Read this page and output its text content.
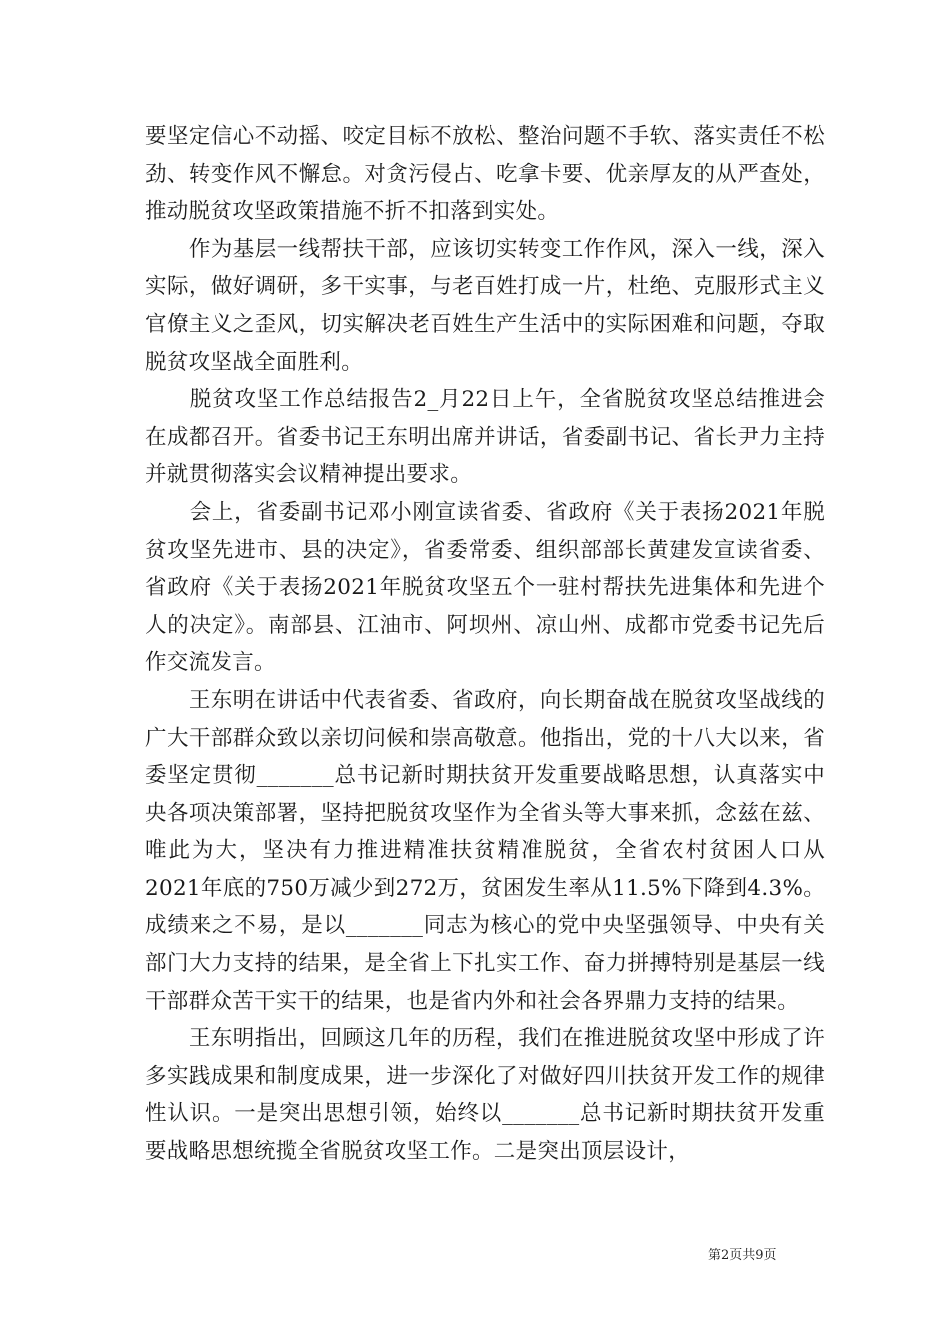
要坚定信心不动摇、咬定目标不放松、整治问题不手软、落实责任不松劲、转变作风不懈怠。对贪污侵占、吃拿卡要、优亲厚友的从严查处，推动脱贫攻坚政策措施不折不扣落到实处。

　　作为基层一线帮扶干部，应该切实转变工作作风，深入一线，深入实际，做好调研，多干实事，与老百姓打成一片，杜绝、克服形式主义官僚主义之歪风，切实解决老百姓生产生活中的实际困难和问题，夺取脱贫攻坚战全面胜利。

　　脱贫攻坚工作总结报告2_月22日上午，全省脱贫攻坚总结推进会在成都召开。省委书记王东明出席并讲话，省委副书记、省长尹力主持并就贯彻落实会议精神提出要求。

　　会上，省委副书记邓小刚宣读省委、省政府《关于表扬2021年脱贫攻坚先进市、县的决定》，省委常委、组织部部长黄建发宣读省委、省政府《关于表扬2021年脱贫攻坚五个一驻村帮扶先进集体和先进个人的决定》。南部县、江油市、阿坝州、凉山州、成都市党委书记先后作交流发言。

　　王东明在讲话中代表省委、省政府，向长期奋战在脱贫攻坚战线的广大干部群众致以亲切问候和崇高敬意。他指出，党的十八大以来，省委坚定贯彻_______总书记新时期扶贫开发重要战略思想，认真落实中央各项决策部署，坚持把脱贫攻坚作为全省头等大事来抓，念兹在兹、唯此为大，坚决有力推进精准扶贫精准脱贫，全省农村贫困人口从2021年底的750万减少到272万，贫困发生率从11.5%下降到4.3%。成绩来之不易，是以_______同志为核心的党中央坚强领导、中央有关部门大力支持的结果，是全省上下扎实工作、奋力拼搏特别是基层一线干部群众苦干实干的结果，也是省内外和社会各界鼎力支持的结果。

　　王东明指出，回顾这几年的历程，我们在推进脱贫攻坚中形成了许多实践成果和制度成果，进一步深化了对做好四川扶贫开发工作的规律性认识。一是突出思想引领，始终以_______总书记新时期扶贫开发重要战略思想统揽全省脱贫攻坚工作。二是突出顶层设计，

第2页共9页
